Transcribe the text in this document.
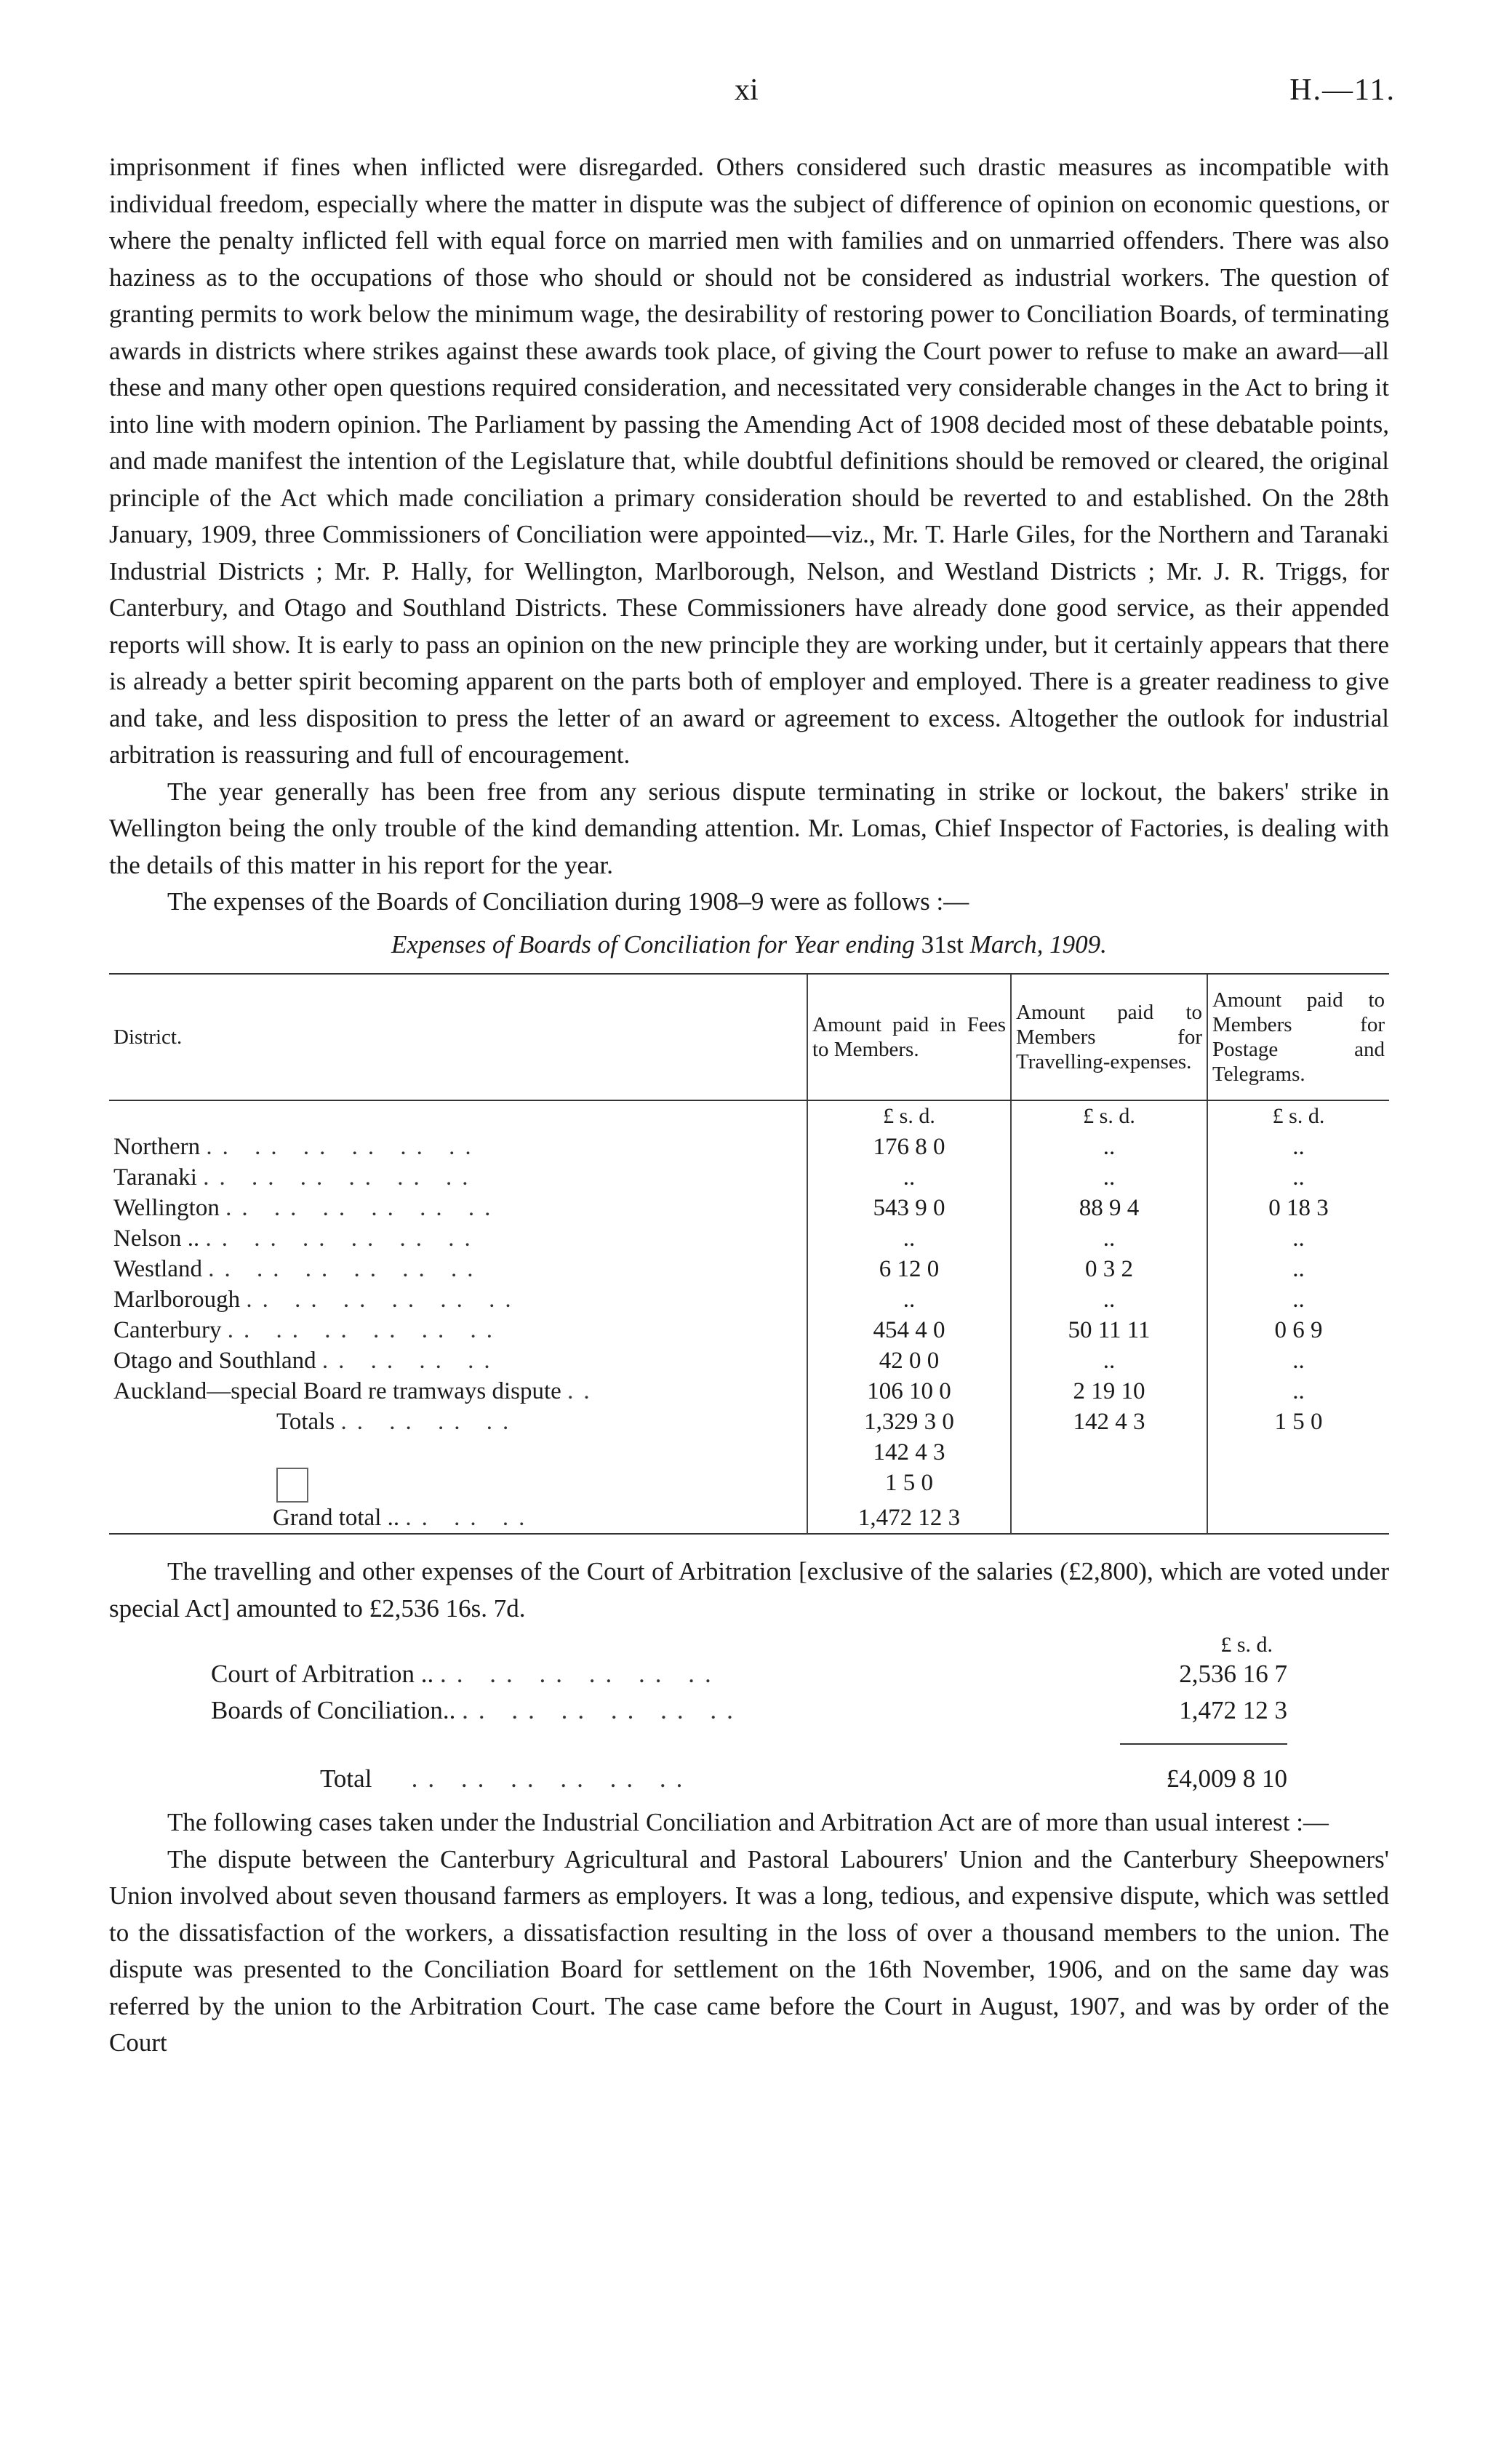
xi	H.—11.

imprisonment if fines when inflicted were disregarded. Others considered such drastic measures as incompatible with individual freedom, especially where the matter in dispute was the subject of difference of opinion on economic questions, or where the penalty inflicted fell with equal force on married men with families and on unmarried offenders. There was also haziness as to the occupations of those who should or should not be considered as industrial workers. The question of granting permits to work below the minimum wage, the desirability of restoring power to Conciliation Boards, of terminating awards in districts where strikes against these awards took place, of giving the Court power to refuse to make an award—all these and many other open questions required consideration, and necessitated very considerable changes in the Act to bring it into line with modern opinion. The Parliament by passing the Amending Act of 1908 decided most of these debatable points, and made manifest the intention of the Legislature that, while doubtful definitions should be removed or cleared, the original principle of the Act which made conciliation a primary consideration should be reverted to and established. On the 28th January, 1909, three Commissioners of Conciliation were appointed—viz., Mr. T. Harle Giles, for the Northern and Taranaki Industrial Districts ; Mr. P. Hally, for Wellington, Marlborough, Nelson, and Westland Districts ; Mr. J. R. Triggs, for Canterbury, and Otago and Southland Districts. These Commissioners have already done good service, as their appended reports will show. It is early to pass an opinion on the new principle they are working under, but it certainly appears that there is already a better spirit becoming apparent on the parts both of employer and employed. There is a greater readiness to give and take, and less disposition to press the letter of an award or agreement to excess. Altogether the outlook for industrial arbitration is reassuring and full of encouragement.

The year generally has been free from any serious dispute terminating in strike or lockout, the bakers' strike in Wellington being the only trouble of the kind demanding attention. Mr. Lomas, Chief Inspector of Factories, is dealing with the details of this matter in his report for the year.

The expenses of the Boards of Conciliation during 1908–9 were as follows :—

Expenses of Boards of Conciliation for Year ending 31st March, 1909.
District.	Amount paid in Fees to Members.	Amount paid to Members for Travelling-expenses.	Amount paid to Members for Postage and Telegrams.
	£ s. d.	£ s. d.	£ s. d.
Northern .. .. .. .. .. ..	176 8 0	..	..
Taranaki .. .. .. .. .. ..	..	..	..
Wellington .. .. .. .. .. ..	543 9 0	88 9 4	0 18 3
Nelson .. .. .. .. .. .. ..	..	..	..
Westland .. .. .. .. .. ..	6 12 0	0 3 2	..
Marlborough .. .. .. .. .. ..	..	..	..
Canterbury .. .. .. .. .. ..	454 4 0	50 11 11	0 6 9
Otago and Southland .. .. .. ..	42 0 0	..	..
Auckland—special Board re tramways dispute ..	106 10 0	2 19 10	..
Totals .. .. .. ..	1,329 3 0	142 4 3	1 5 0
	142 4 3		
	1 5 0		
Grand total .. .. .. ..	1,472 12 3		

The travelling and other expenses of the Court of Arbitration [exclusive of the salaries (£2,800), which are voted under special Act] amounted to £2,536 16s. 7d.

£ s. d.
Court of Arbitration .. .. .. .. .. .. ..	2,536 16 7
Boards of Conciliation.. .. .. .. .. .. ..	1,472 12 3
Total   .. .. .. .. .. ..	£4,009 8 10

The following cases taken under the Industrial Conciliation and Arbitration Act are of more than usual interest :—

The dispute between the Canterbury Agricultural and Pastoral Labourers' Union and the Canterbury Sheepowners' Union involved about seven thousand farmers as employers. It was a long, tedious, and expensive dispute, which was settled to the dissatisfaction of the workers, a dissatisfaction resulting in the loss of over a thousand members to the union. The dispute was presented to the Conciliation Board for settlement on the 16th November, 1906, and on the same day was referred by the union to the Arbitration Court. The case came before the Court in August, 1907, and was by order of the Court
